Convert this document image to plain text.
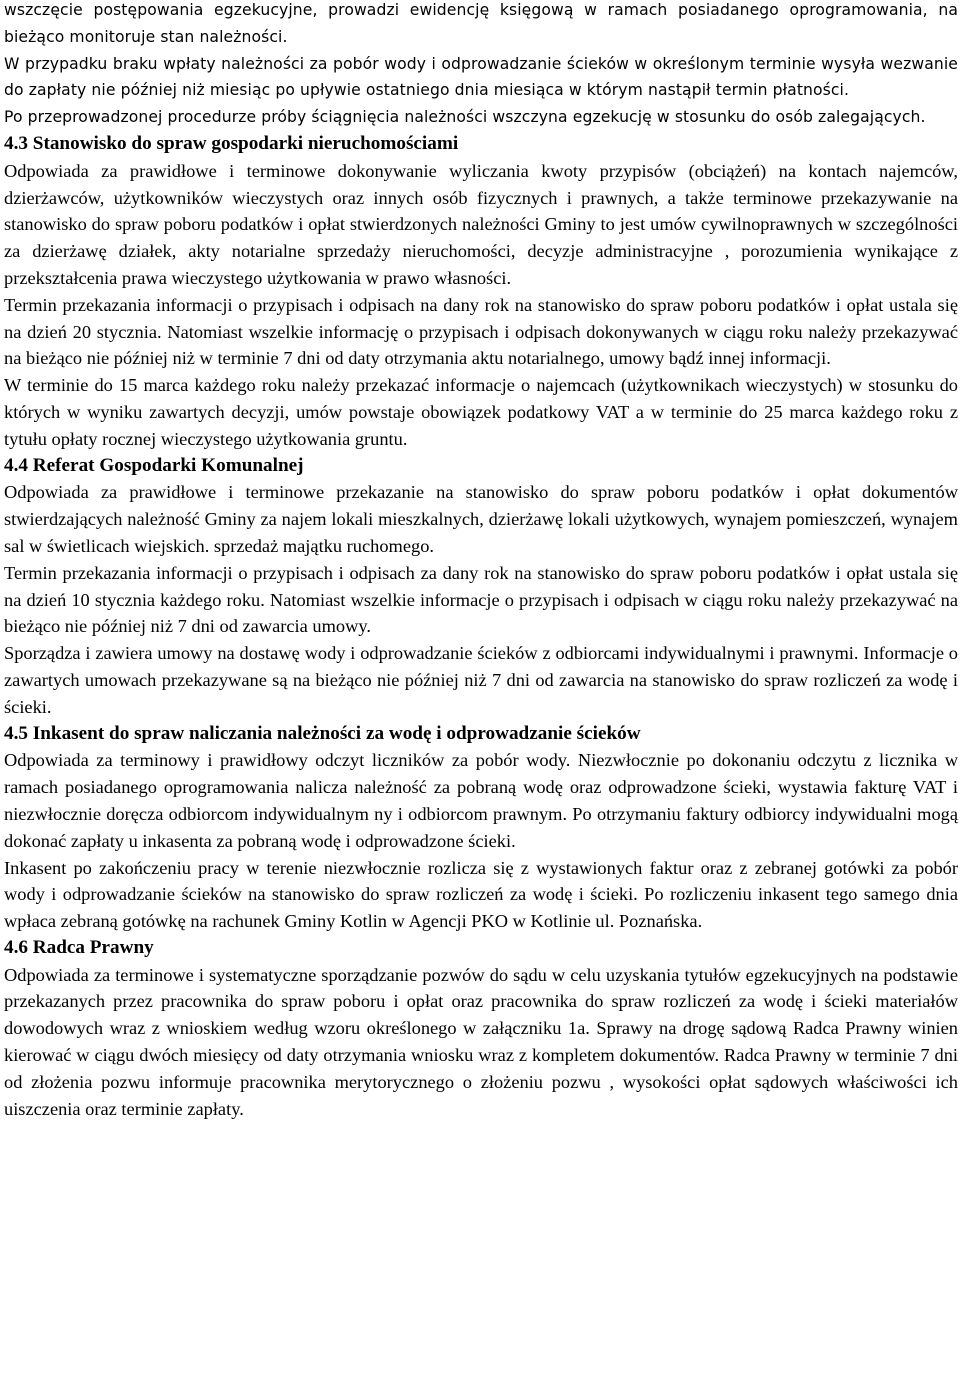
wszczęcie postępowania egzekucyjne, prowadzi ewidencję księgową w ramach posiadanego oprogramowania, na bieżąco monitoruje stan należności.

W przypadku braku wpłaty należności za pobór wody i odprowadzanie ścieków w określonym terminie wysyła wezwanie do zapłaty nie później niż miesiąc po upływie ostatniego dnia miesiąca w którym nastąpił termin płatności.

Po przeprowadzonej procedurze próby ściągnięcia należności wszczyna egzekucję w stosunku do osób zalegających.

4.3 Stanowisko do spraw gospodarki nieruchomościami

Odpowiada za prawidłowe i terminowe dokonywanie wyliczania kwoty przypisów (obciążeń) na kontach najemców, dzierżawców, użytkowników wieczystych oraz innych osób fizycznych i prawnych, a także terminowe przekazywanie na stanowisko do spraw poboru podatków i opłat stwierdzonych należności Gminy to jest umów cywilnoprawnych w szczególności za dzierżawę działek, akty notarialne sprzedaży nieruchomości, decyzje administracyjne , porozumienia wynikające z przekształcenia prawa wieczystego użytkowania w prawo własności.

Termin przekazania informacji o przypisach i odpisach na dany rok na stanowisko do spraw poboru podatków i opłat ustala się na dzień 20 stycznia. Natomiast wszelkie informację o przypisach i odpisach dokonywanych w ciągu roku należy przekazywać na bieżąco nie później niż w terminie 7 dni od daty otrzymania aktu notarialnego, umowy bądź innej informacji.

W terminie do 15 marca każdego roku należy przekazać informacje o najemcach (użytkownikach wieczystych) w stosunku do których w wyniku zawartych decyzji, umów powstaje obowiązek podatkowy VAT a w terminie do 25 marca każdego roku z tytułu opłaty rocznej wieczystego użytkowania gruntu.

4.4 Referat Gospodarki Komunalnej

Odpowiada za prawidłowe i terminowe przekazanie na stanowisko do spraw poboru podatków i opłat dokumentów stwierdzających należność Gminy za najem lokali mieszkalnych, dzierżawę lokali użytkowych, wynajem pomieszczeń, wynajem sal w świetlicach wiejskich. sprzedaż majątku ruchomego.

Termin przekazania informacji o przypisach i odpisach za dany rok na stanowisko do spraw poboru podatków i opłat ustala się na dzień 10 stycznia każdego roku. Natomiast wszelkie informacje o przypisach i odpisach w ciągu roku należy przekazywać na bieżąco nie później niż 7 dni od zawarcia umowy.

Sporządza i zawiera umowy na dostawę wody i odprowadzanie ścieków z odbiorcami indywidualnymi i prawnymi. Informacje o zawartych umowach przekazywane są na bieżąco nie później niż 7 dni od zawarcia na stanowisko do spraw rozliczeń za wodę i ścieki.

4.5 Inkasent do spraw naliczania należności za wodę i odprowadzanie ścieków

Odpowiada za terminowy i prawidłowy odczyt liczników za pobór wody. Niezwłocznie po dokonaniu odczytu z licznika w ramach posiadanego oprogramowania nalicza należność za pobraną wodę oraz odprowadzone ścieki, wystawia fakturę VAT i niezwłocznie doręcza odbiorcom indywidualnym ny i odbiorcom prawnym. Po otrzymaniu faktury odbiorcy indywidualni mogą dokonać zapłaty u inkasenta za pobraną wodę i odprowadzone ścieki.

Inkasent po zakończeniu pracy w terenie niezwłocznie rozlicza się z wystawionych faktur oraz z zebranej gotówki za pobór wody i odprowadzanie ścieków na stanowisko do spraw rozliczeń za wodę i ścieki. Po rozliczeniu inkasent tego samego dnia wpłaca zebraną gotówkę na rachunek Gminy Kotlin w Agencji PKO w Kotlinie ul. Poznańska.

4.6 Radca Prawny

Odpowiada za terminowe i systematyczne sporządzanie pozwów do sądu w celu uzyskania tytułów egzekucyjnych na podstawie przekazanych przez pracownika do spraw poboru i opłat oraz pracownika do spraw rozliczeń za wodę i ścieki materiałów dowodowych wraz z wnioskiem według wzoru określonego w załączniku 1a. Sprawy na drogę sądową Radca Prawny winien kierować w ciągu dwóch miesięcy od daty otrzymania wniosku wraz z kompletem dokumentów. Radca Prawny w terminie 7 dni od złożenia pozwu informuje pracownika merytorycznego o złożeniu pozwu , wysokości opłat sądowych właściwości ich uiszczenia oraz terminie zapłaty.
